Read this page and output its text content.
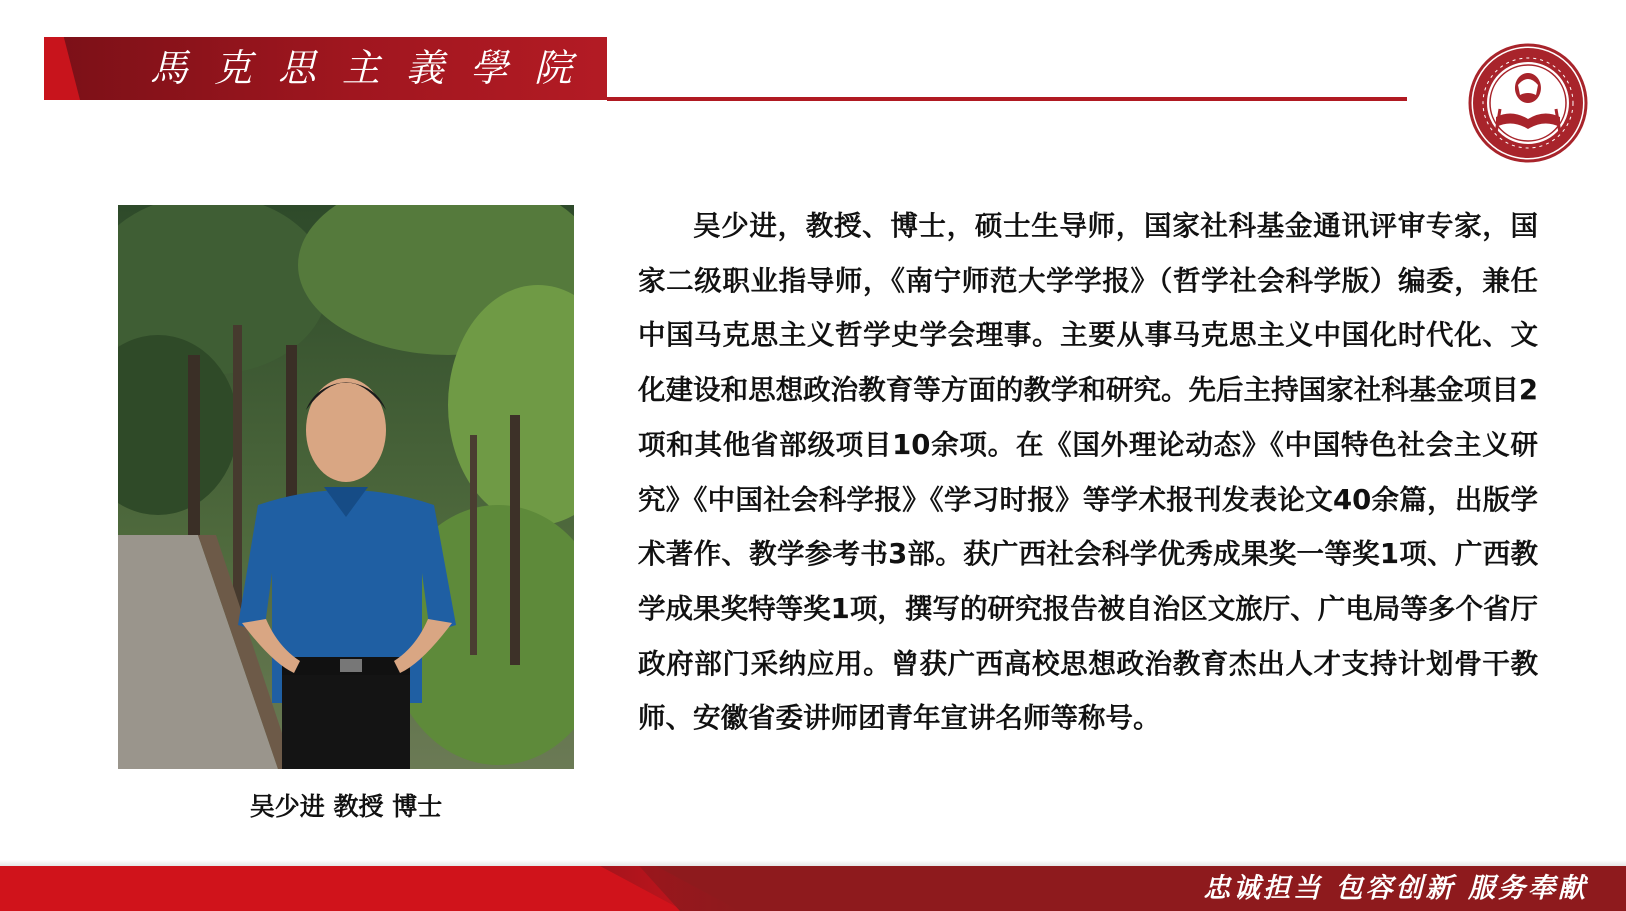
馬克思主義學院
吴少进 教授 博士
吴少进，教授、博士，硕士生导师，国家社科基金通讯评审专家，国家二级职业指导师，《南宁师范大学学报》（哲学社会科学版）编委，兼任中国马克思主义哲学史学会理事。主要从事马克思主义中国化时代化、文化建设和思想政治教育等方面的教学和研究。先后主持国家社科基金项目2项和其他省部级项目10余项。在《国外理论动态》《中国特色社会主义研究》《中国社会科学报》《学习时报》等学术报刊发表论文40余篇，出版学术著作、教学参考书3部。获广西社会科学优秀成果奖一等奖1项、广西教学成果奖特等奖1项，撰写的研究报告被自治区文旅厅、广电局等多个省厅政府部门采纳应用。曾获广西高校思想政治教育杰出人才支持计划骨干教师、安徽省委讲师团青年宣讲名师等称号。
忠诚担当 包容创新 服务奉献
